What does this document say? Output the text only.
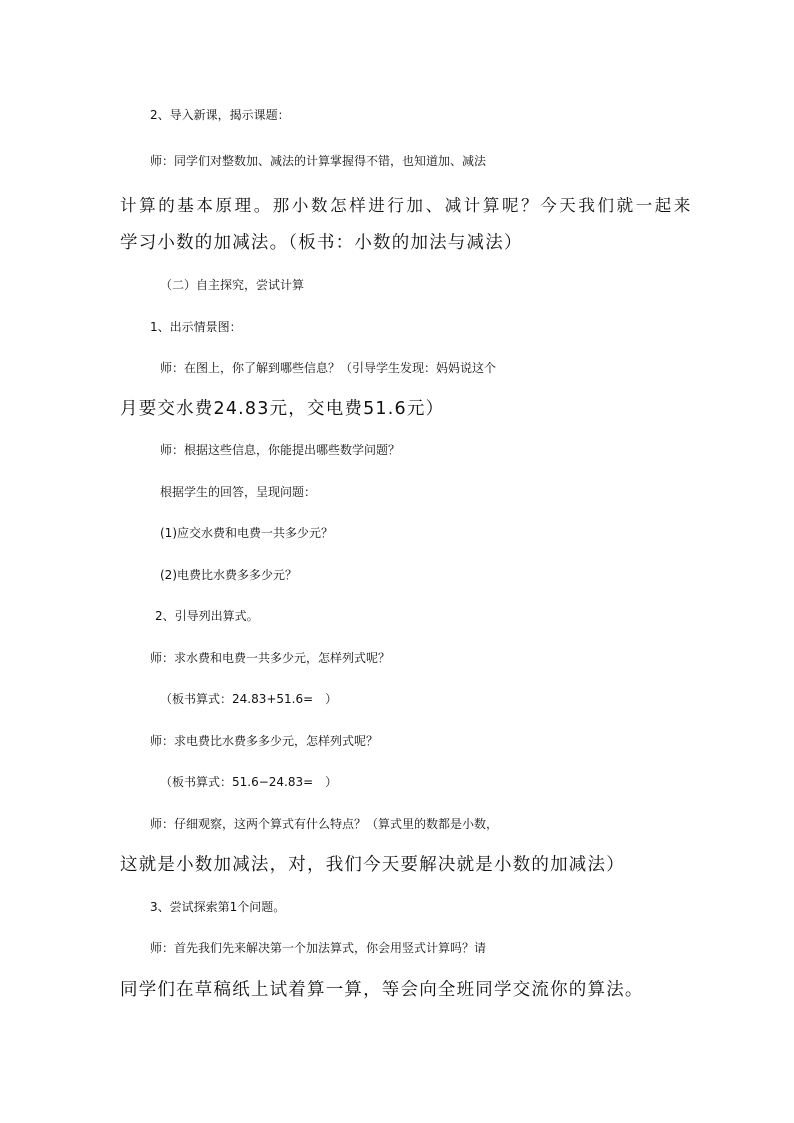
2、导入新课，揭示课题：
师：同学们对整数加、减法的计算掌握得不错，也知道加、减法
计算的基本原理。那小数怎样进行加、减计算呢？今天我们就一起来
学习小数的加减法。（板书：小数的加法与减法）
（二）自主探究，尝试计算
1、出示情景图：
师：在图上，你了解到哪些信息？（引导学生发现：妈妈说这个
月要交水费24.83元，交电费51.6元）
师：根据这些信息，你能提出哪些数学问题？
根据学生的回答，呈现问题：
(1)应交水费和电费一共多少元？
(2)电费比水费多多少元？
2、引导列出算式。
师：求水费和电费一共多少元，怎样列式呢？
（板书算式：24.83+51.6=　）
师：求电费比水费多多少元，怎样列式呢？
（板书算式：51.6−24.83=　）
师：仔细观察，这两个算式有什么特点？（算式里的数都是小数，
这就是小数加减法，对，我们今天要解决就是小数的加减法）
3、尝试探索第1个问题。
师：首先我们先来解决第一个加法算式，你会用竖式计算吗？请
同学们在草稿纸上试着算一算，等会向全班同学交流你的算法。
